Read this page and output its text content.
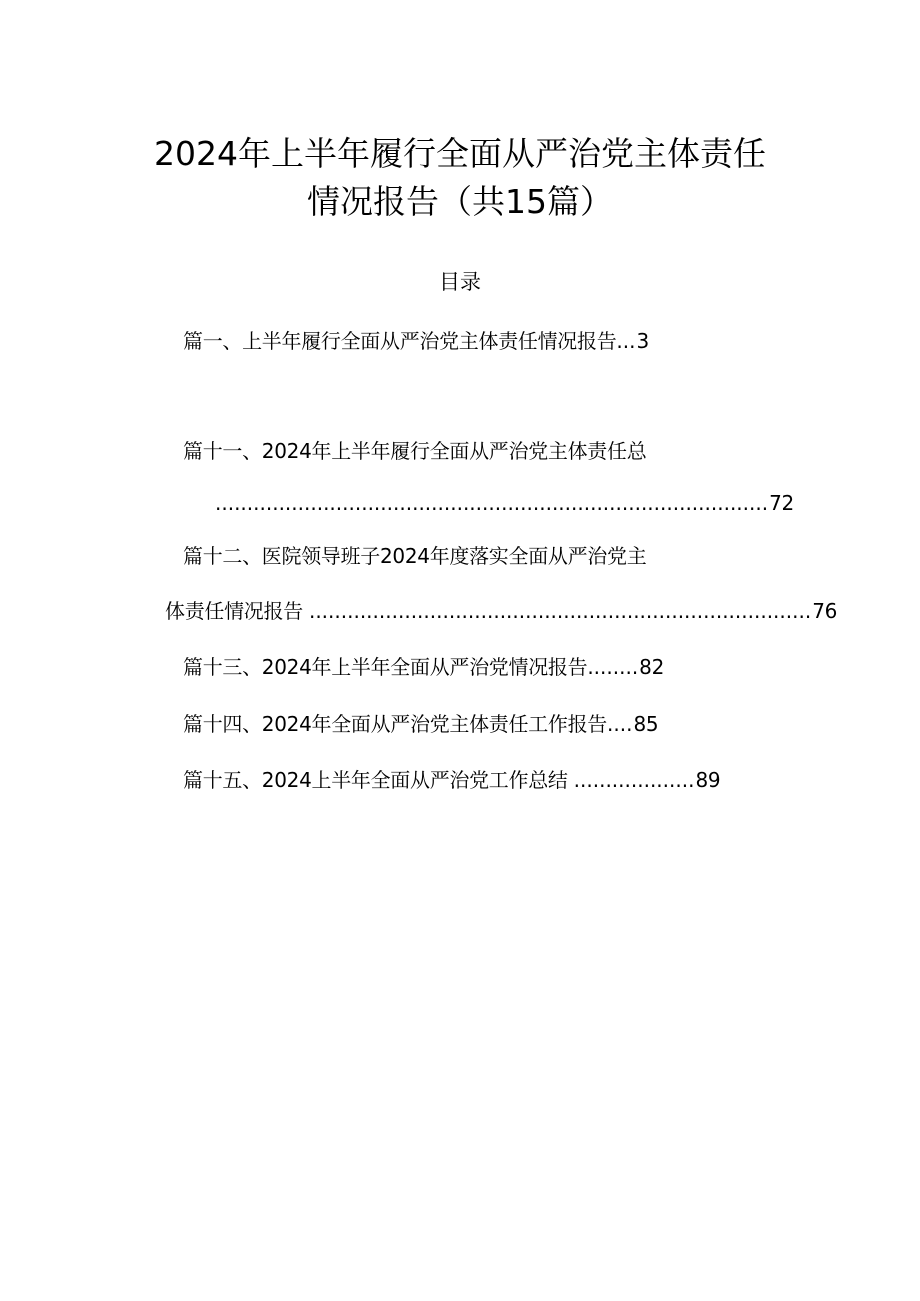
2024年上半年履行全面从严治党主体责任
情况报告（共15篇）
目录
篇一、上半年履行全面从严治党主体责任情况报告...3
篇十一、2024年上半年履行全面从严治党主体责任总
.......................................................................................72
篇十二、医院领导班子2024年度落实全面从严治党主
体责任情况报告 ...............................................................................76
篇十三、2024年上半年全面从严治党情况报告........82
篇十四、2024年全面从严治党主体责任工作报告....85
篇十五、2024上半年全面从严治党工作总结 ...................89
